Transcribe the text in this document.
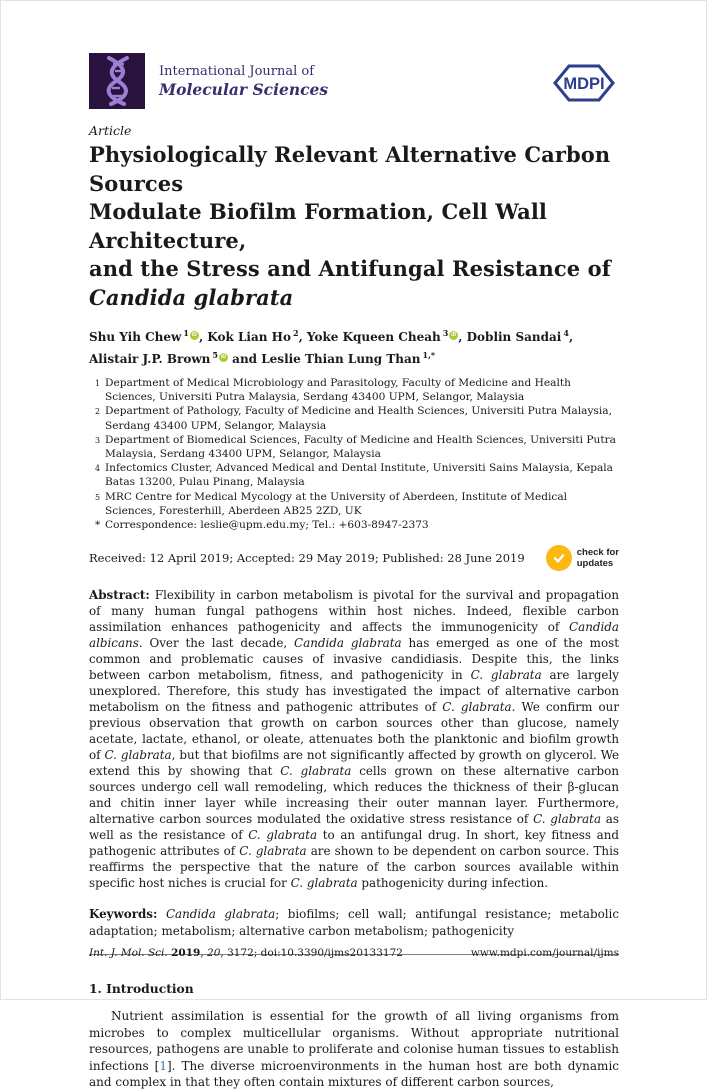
International Journal of
Molecular Sciences	MDPI
Article
Physiologically Relevant Alternative Carbon Sources
Modulate Biofilm Formation, Cell Wall Architecture,
and the Stress and Antifungal Resistance of
Candida glabrata
Shu Yih Chew $^1$ iD , Kok Lian Ho $^2$, Yoke Kqueen Cheah $^3$ iD , Doblin Sandai $^4$,
Alistair J.P. Brown $^5$ iD and Leslie Thian Lung Than $^{1,*}$
1 Department of Medical Microbiology and Parasitology, Faculty of Medicine and Health Sciences, Universiti Putra Malaysia, Serdang 43400 UPM, Selangor, Malaysia
2 Department of Pathology, Faculty of Medicine and Health Sciences, Universiti Putra Malaysia, Serdang 43400 UPM, Selangor, Malaysia
3 Department of Biomedical Sciences, Faculty of Medicine and Health Sciences, Universiti Putra Malaysia, Serdang 43400 UPM, Selangor, Malaysia
4 Infectomics Cluster, Advanced Medical and Dental Institute, Universiti Sains Malaysia, Kepala Batas 13200, Pulau Pinang, Malaysia
5 MRC Centre for Medical Mycology at the University of Aberdeen, Institute of Medical Sciences, Foresterhill, Aberdeen AB25 2ZD, UK
* Correspondence: leslie@upm.edu.my; Tel.: +603-8947-2373
Received: 12 April 2019; Accepted: 29 May 2019; Published: 28 June 2019	check for
updates
Abstract: Flexibility in carbon metabolism is pivotal for the survival and propagation of many human fungal pathogens within host niches. Indeed, flexible carbon assimilation enhances pathogenicity and affects the immunogenicity of Candida albicans. Over the last decade, Candida glabrata has emerged as one of the most common and problematic causes of invasive candidiasis. Despite this, the links between carbon metabolism, fitness, and pathogenicity in C. glabrata are largely unexplored. Therefore, this study has investigated the impact of alternative carbon metabolism on the fitness and pathogenic attributes of C. glabrata. We confirm our previous observation that growth on carbon sources other than glucose, namely acetate, lactate, ethanol, or oleate, attenuates both the planktonic and biofilm growth of C. glabrata, but that biofilms are not significantly affected by growth on glycerol. We extend this by showing that C. glabrata cells grown on these alternative carbon sources undergo cell wall remodeling, which reduces the thickness of their β-glucan and chitin inner layer while increasing their outer mannan layer. Furthermore, alternative carbon sources modulated the oxidative stress resistance of C. glabrata as well as the resistance of C. glabrata to an antifungal drug. In short, key fitness and pathogenic attributes of C. glabrata are shown to be dependent on carbon source. This reaffirms the perspective that the nature of the carbon sources available within specific host niches is crucial for C. glabrata pathogenicity during infection.
Keywords: Candida glabrata; biofilms; cell wall; antifungal resistance; metabolic adaptation; metabolism; alternative carbon metabolism; pathogenicity
1. Introduction
Nutrient assimilation is essential for the growth of all living organisms from microbes to complex multicellular organisms. Without appropriate nutritional resources, pathogens are unable to proliferate and colonise human tissues to establish infections [1]. The diverse microenvironments in the human host are both dynamic and complex in that they often contain mixtures of different carbon sources,
Int. J. Mol. Sci. 2019, 20, 3172; doi:10.3390/ijms20133172	www.mdpi.com/journal/ijms
